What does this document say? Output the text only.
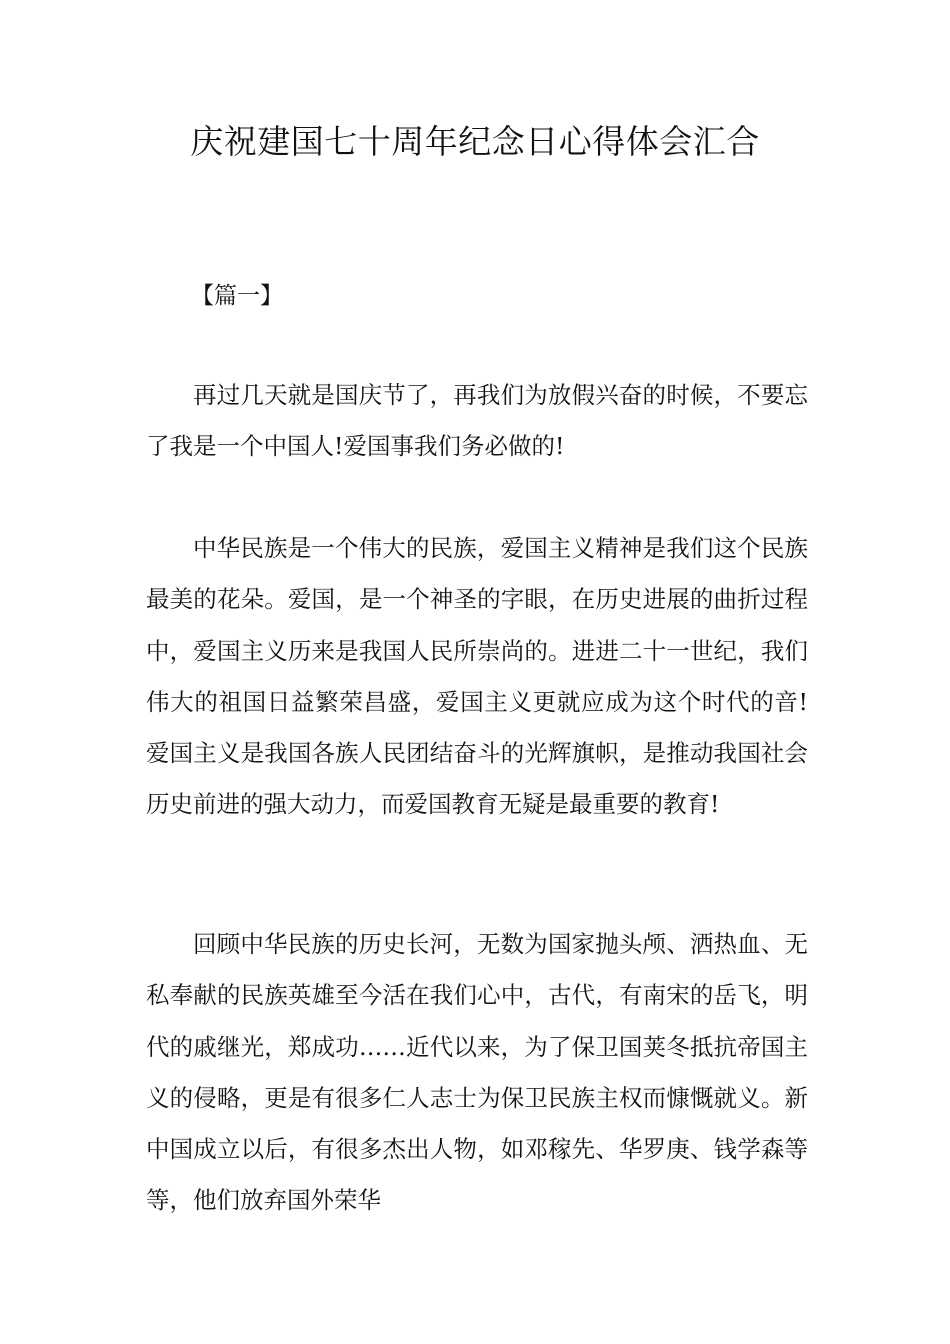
庆祝建国七十周年纪念日心得体会汇合
【篇一】

再过几天就是国庆节了，再我们为放假兴奋的时候，不要忘了我是一个中国人!爱国事我们务必做的!

中华民族是一个伟大的民族，爱国主义精神是我们这个民族最美的花朵。爱国，是一个神圣的字眼，在历史进展的曲折过程中，爱国主义历来是我国人民所崇尚的。进进二十一世纪，我们伟大的祖国日益繁荣昌盛，爱国主义更就应成为这个时代的音!爱国主义是我国各族人民团结奋斗的光辉旗帜，是推动我国社会历史前进的强大动力，而爱国教育无疑是最重要的教育!

回顾中华民族的历史长河，无数为国家抛头颅、洒热血、无私奉献的民族英雄至今活在我们心中，古代，有南宋的岳飞，明代的戚继光，郑成功……近代以来，为了保卫国荚冬抵抗帝国主义的侵略，更是有很多仁人志士为保卫民族主权而慷慨就义。新中国成立以后，有很多杰出人物，如邓稼先、华罗庚、钱学森等等，他们放弃国外荣华
